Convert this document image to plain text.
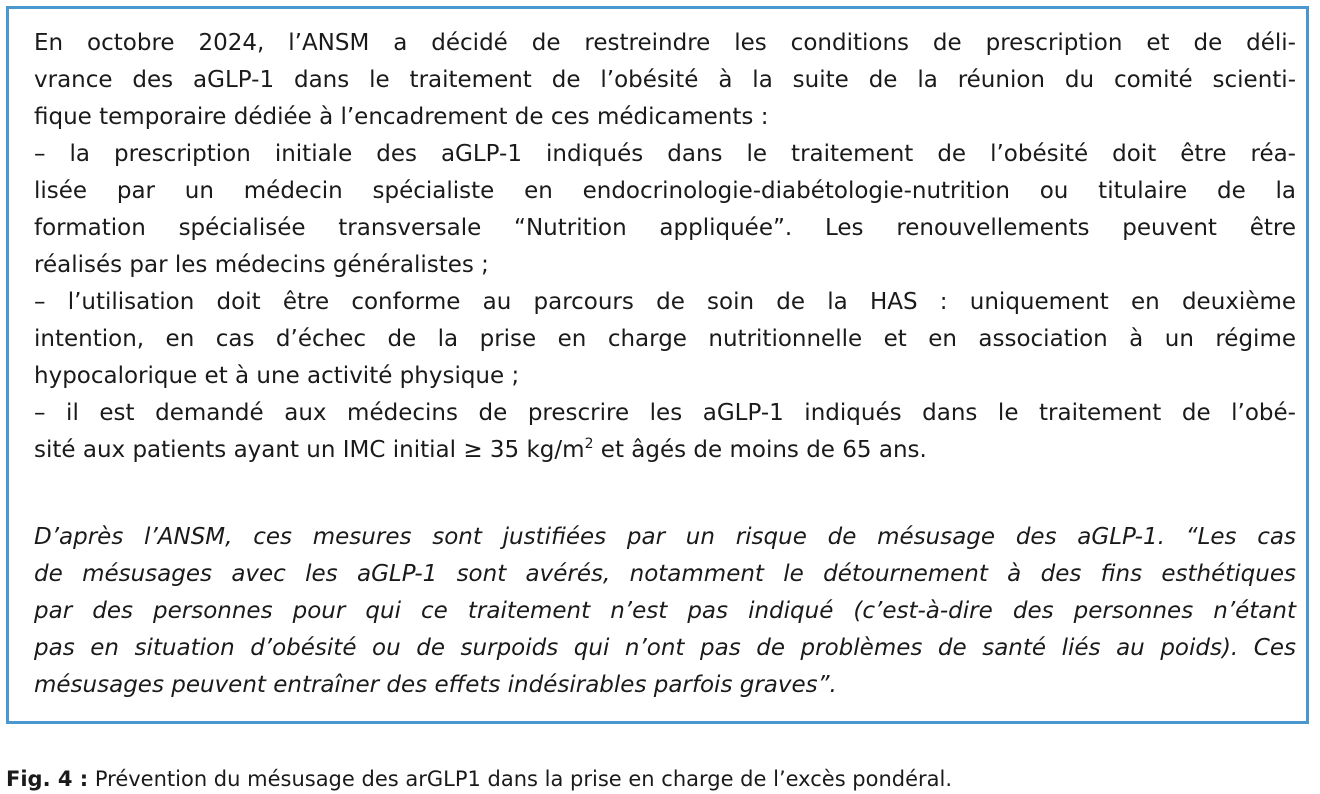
En octobre 2024, l’ANSM a décidé de restreindre les conditions de prescription et de déli-
vrance des aGLP-1 dans le traitement de l’obésité à la suite de la réunion du comité scienti-
fique temporaire dédiée à l’encadrement de ces médicaments :
– la prescription initiale des aGLP-1 indiqués dans le traitement de l’obésité doit être réa-
lisée par un médecin spécialiste en endocrinologie-diabétologie-nutrition ou titulaire de la
formation spécialisée transversale “Nutrition appliquée”. Les renouvellements peuvent être
réalisés par les médecins généralistes ;
– l’utilisation doit être conforme au parcours de soin de la HAS : uniquement en deuxième
intention, en cas d’échec de la prise en charge nutritionnelle et en association à un régime
hypocalorique et à une activité physique ;
– il est demandé aux médecins de prescrire les aGLP-1 indiqués dans le traitement de l’obé-
sité aux patients ayant un IMC initial ≥ 35 $kg/m^2$ et âgés de moins de 65 ans.
D’après l’ANSM, ces mesures sont justifiées par un risque de mésusage des aGLP-1. “Les cas
de mésusages avec les aGLP-1 sont avérés, notamment le détournement à des fins esthétiques
par des personnes pour qui ce traitement n’est pas indiqué (c’est-à-dire des personnes n’étant
pas en situation d’obésité ou de surpoids qui n’ont pas de problèmes de santé liés au poids). Ces
mésusages peuvent entraîner des effets indésirables parfois graves”.
Fig. 4 : Prévention du mésusage des arGLP1 dans la prise en charge de l’excès pondéral.
